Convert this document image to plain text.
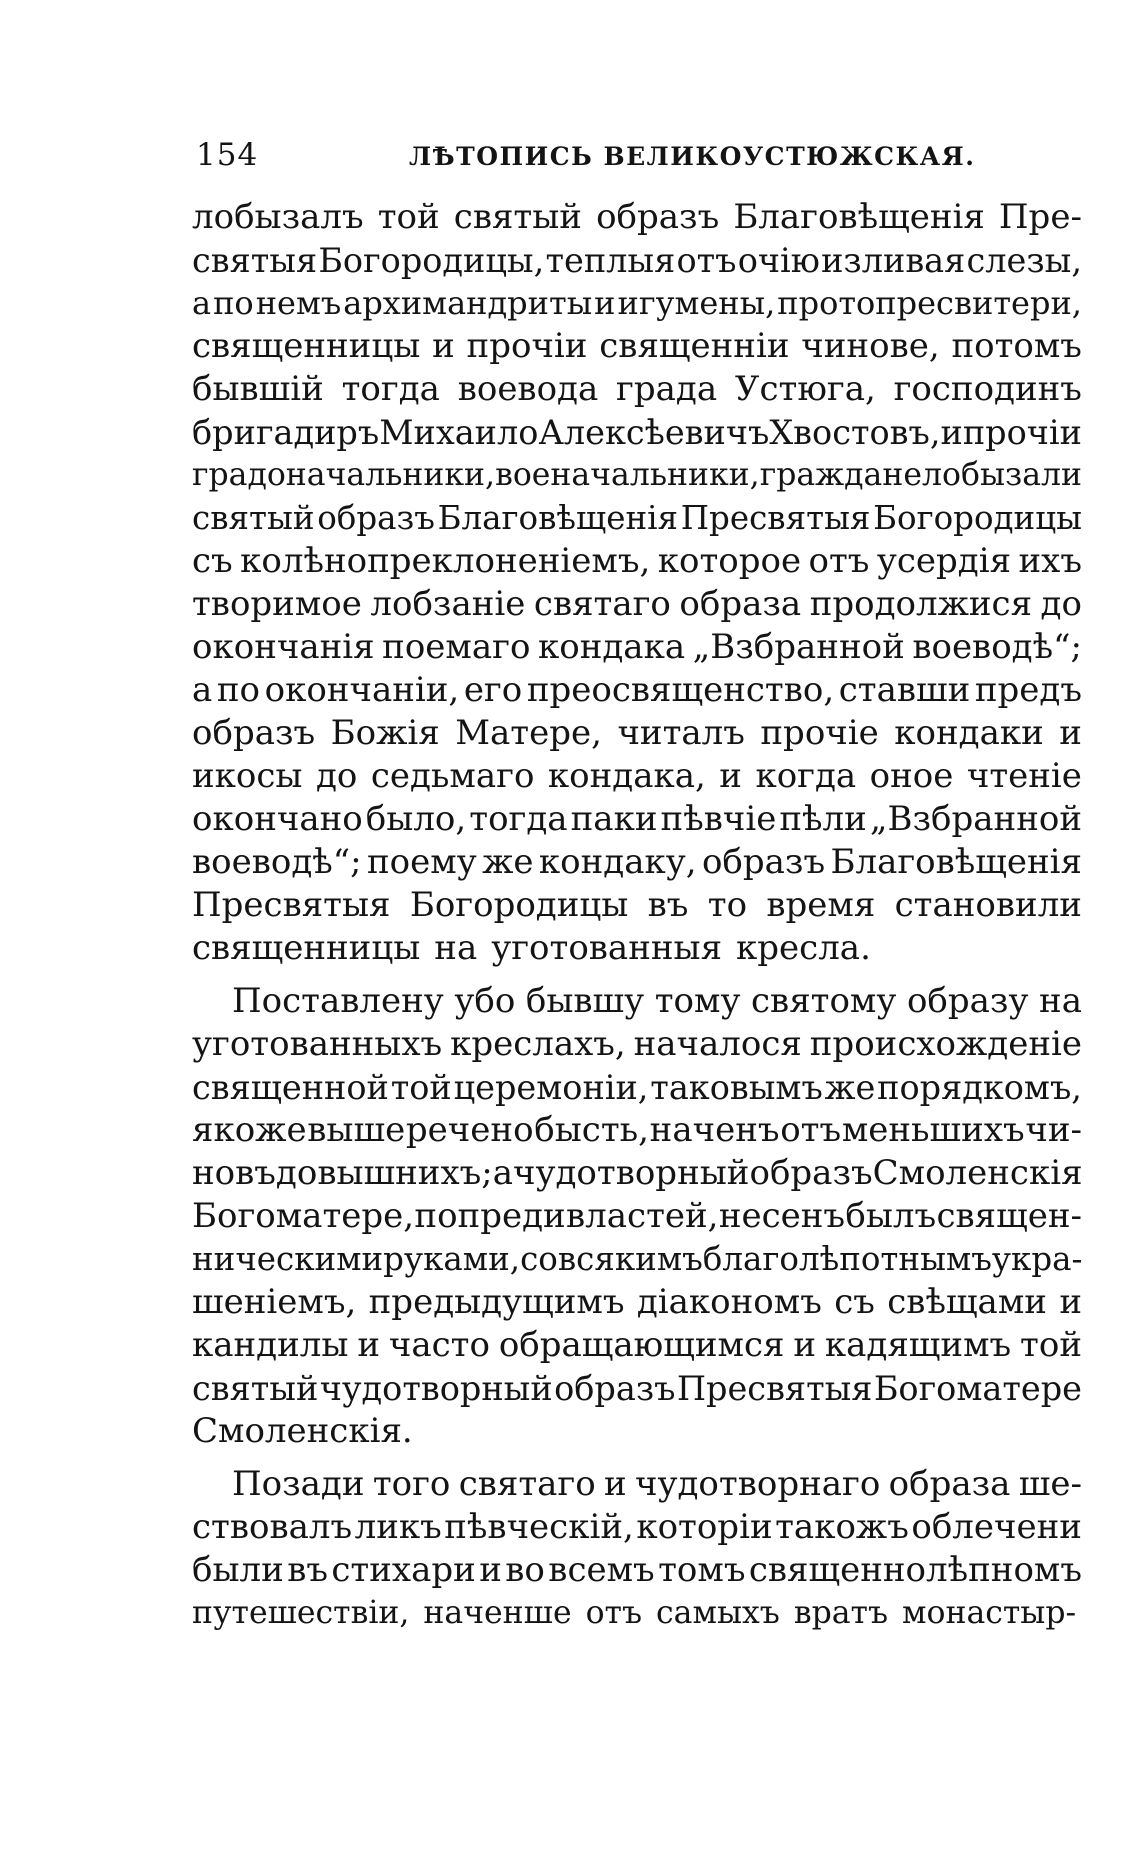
154	ЛѢТОПИСЬ ВЕЛИКОУСТЮЖСКАЯ.
лобызалъ той святый образъ Благовѣщенія Пре-
святыя Богородицы, теплыя отъ очію изливая слезы,
а по немъ архимандриты и игумены, протопресвитери,
священницы и прочіи священніи чинове, потомъ
бывшій тогда воевода града Устюга, господинъ
бригадиръ Михаило Алексѣевичъ Хвостовъ, и прочіи
градоначальники, военачальники, граждане лобызали
святый образъ Благовѣщенія Пресвятыя Богородицы
съ колѣнопреклоненіемъ, которое отъ усердія ихъ
творимое лобзаніе святаго образа продолжися до
окончанія поемаго кондака „Взбранной воеводѣ“;
а по окончаніи, его преосвященство, ставши предъ
образъ Божія Матере, читалъ прочіе кондаки и
икосы до седьмаго кондака, и когда оное чтеніе
окончано было, тогда паки пѣвчіе пѣли „Взбранной
воеводѣ“; поему же кондаку, образъ Благовѣщенія
Пресвятыя Богородицы въ то время становили
священницы на уготованныя кресла.
Поставлену убо бывшу тому святому образу на
уготованныхъ креслахъ, началося происхожденіе
священной той церемоніи, таковымъ же порядкомъ,
якоже выше речено бысть, наченъ отъ меньшихъ чи-
новъ до вышнихъ; а чудотворный образъ Смоленскія
Богоматере, попреди властей, несенъ былъ священ-
ническими руками, со всякимъ благолѣпотнымъ укра-
шеніемъ, предыдущимъ діакономъ съ свѣщами и
кандилы и часто обращающимся и кадящимъ той
святый чудотворный образъ Пресвятыя Богоматере
Смоленскія.
Позади того святаго и чудотворнаго образа ше-
ствовалъ ликъ пѣвческій, которіи такожъ облечени
были въ стихари и во всемъ томъ священнолѣпномъ
путешествіи, наченше отъ самыхъ вратъ монастыр-
